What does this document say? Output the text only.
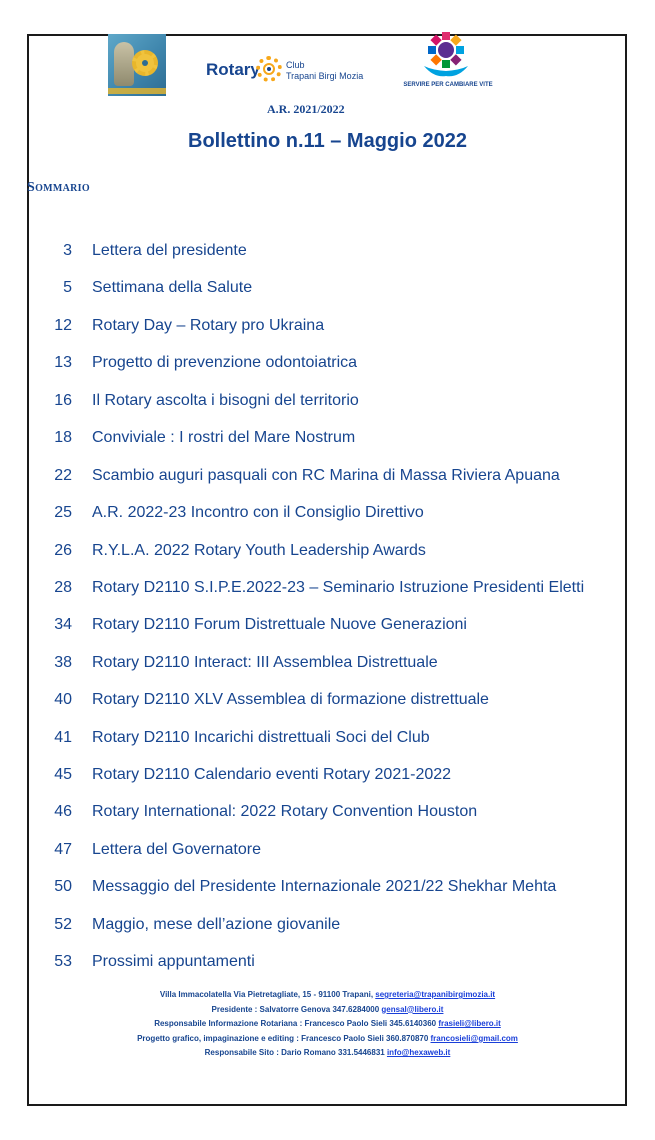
Rotary	Club
Trapani Birgi Mozia
A.R. 2021/2022
SERVIRE PER CAMBIARE VITE
Bollettino n.11 – Maggio 2022
Sommario
3 Lettera del presidente
5 Settimana della Salute
12 Rotary Day – Rotary pro Ukraina
13 Progetto di prevenzione odontoiatrica
16 Il Rotary ascolta i bisogni del territorio
18 Conviviale : I rostri del Mare Nostrum
22 Scambio auguri pasquali con RC Marina di Massa Riviera Apuana
25 A.R. 2022-23 Incontro con il Consiglio Direttivo
26 R.Y.L.A. 2022 Rotary Youth Leadership Awards
28 Rotary D2110 S.I.P.E.2022-23 – Seminario Istruzione Presidenti Eletti
34 Rotary D2110 Forum Distrettuale Nuove Generazioni
38 Rotary D2110 Interact: III Assemblea Distrettuale
40 Rotary D2110 XLV Assemblea di formazione distrettuale
41 Rotary D2110 Incarichi distrettuali Soci del Club
45 Rotary D2110 Calendario eventi Rotary 2021-2022
46 Rotary International: 2022 Rotary Convention Houston
47 Lettera del Governatore
50 Messaggio del Presidente Internazionale 2021/22 Shekhar Mehta
52 Maggio, mese dell’azione giovanile
53 Prossimi appuntamenti
Villa Immacolatella Via Pietretagliate, 15 - 91100 Trapani, segreteria@trapanibirgimozia.it
Presidente : Salvatorre Genova 347.6284000 gensal@libero.it
Responsabile Informazione Rotariana : Francesco Paolo Sieli 345.6140360 frasieli@libero.it
Progetto grafico, impaginazione e editing : Francesco Paolo Sieli 360.870870 francosieli@gmail.com
Responsabile Sito : Dario Romano 331.5446831 info@hexaweb.it
